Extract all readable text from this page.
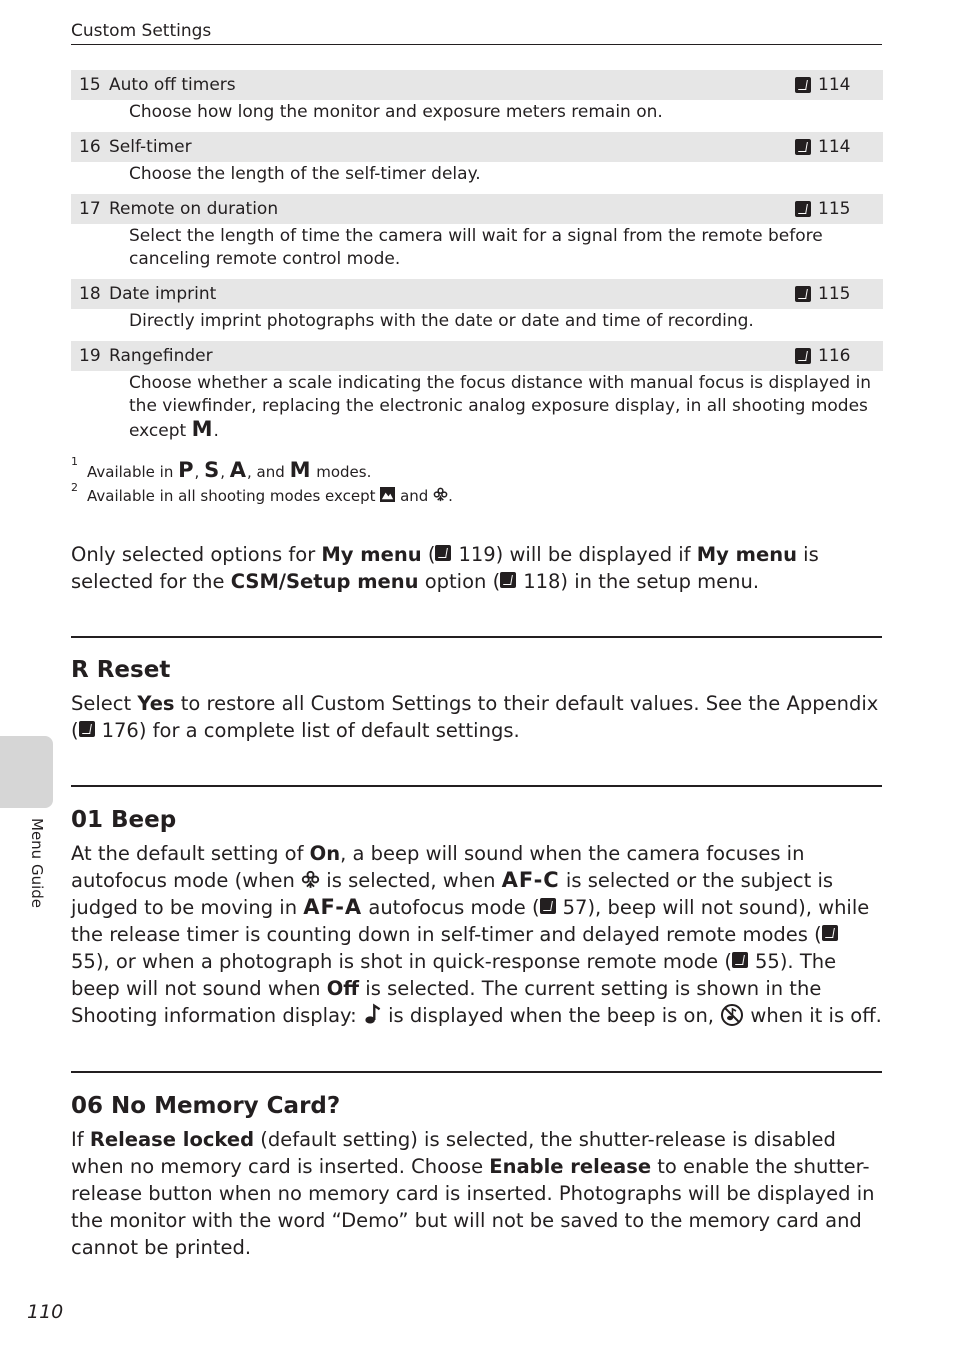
Custom Settings
15 Auto off timers	114
Choose how long the monitor and exposure meters remain on.
16 Self-timer	114
Choose the length of the self-timer delay.
17 Remote on duration	115
Select the length of time the camera will wait for a signal from the remote before canceling remote control mode.
18 Date imprint	115
Directly imprint photographs with the date or date and time of recording.
19 Rangefinder	116
Choose whether a scale indicating the focus distance with manual focus is displayed in the viewfinder, replacing the electronic analog exposure display, in all shooting modes except M.
1
Available in P, S, A, and M modes.
2 Available in all shooting modes except and .
Only selected options for My menu ( 119) will be displayed if My menu is selected for the CSM/Setup menu option ( 118) in the setup menu.
R Reset
Select Yes to restore all Custom Settings to their default values. See the Appendix ( 176) for a complete list of default settings.
01 Beep
At the default setting of On, a beep will sound when the camera focuses in autofocus mode (when  is selected, when AF-C is selected or the subject is judged to be moving in AF-A autofocus mode ( 57), beep will not sound), while the release timer is counting down in self-timer and delayed remote modes (55), or when a photograph is shot in quick-response remote mode ( 55). The beep will not sound when Off is selected. The current setting is shown in the Shooting information display:  is displayed when the beep is on,  when it is off.
06 No Memory Card?
If Release locked (default setting) is selected, the shutter-release is disabled when no memory card is inserted. Choose Enable release to enable the shutter-release button when no memory card is inserted. Photographs will be displayed in the monitor with the word “Demo” but will not be saved to the memory card and cannot be printed.
Menu Guide
110
